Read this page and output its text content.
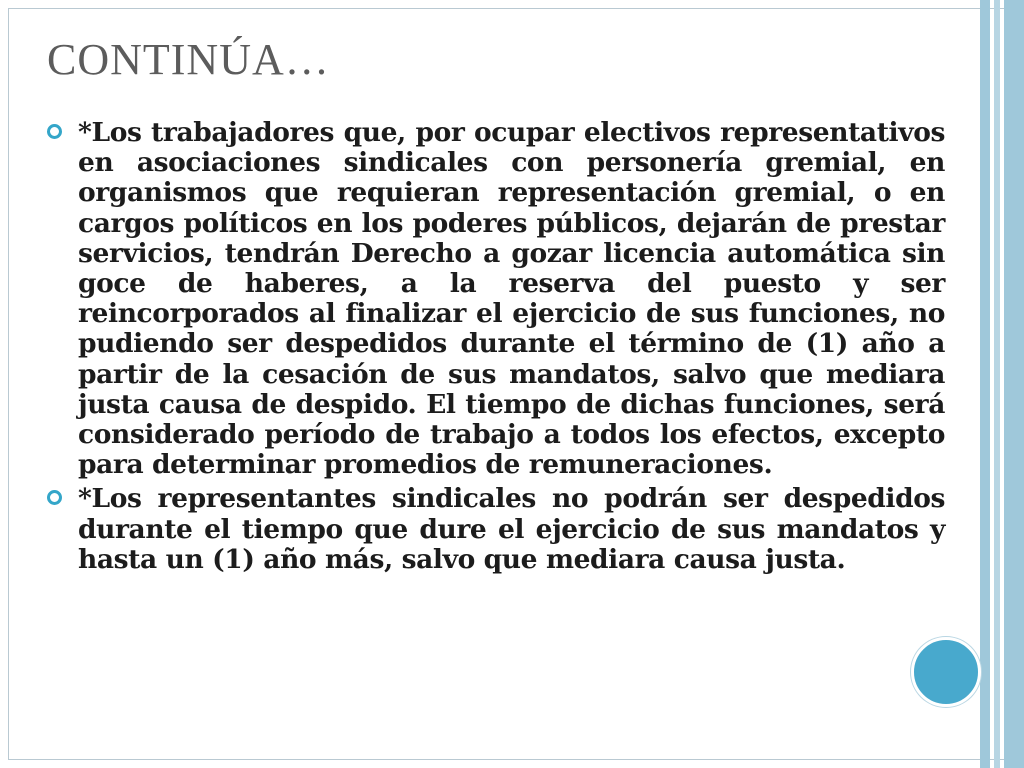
CONTINÚA…

*Los trabajadores que, por ocupar electivos representativos en asociaciones sindicales con personería gremial, en organismos que requieran representación gremial, o en cargos políticos en los poderes públicos, dejarán de prestar servicios, tendrán Derecho a gozar licencia automática sin goce de haberes, a la reserva del puesto y ser reincorporados al finalizar el ejercicio de sus funciones, no pudiendo ser despedidos durante el término de (1) año a partir de la cesación de sus mandatos, salvo que mediara justa causa de despido. El tiempo de dichas funciones, será considerado período de trabajo a todos los efectos, excepto para determinar promedios de remuneraciones.

*Los representantes sindicales no podrán ser despedidos durante el tiempo que dure el ejercicio de sus mandatos y hasta un (1) año más, salvo que mediara causa justa.
